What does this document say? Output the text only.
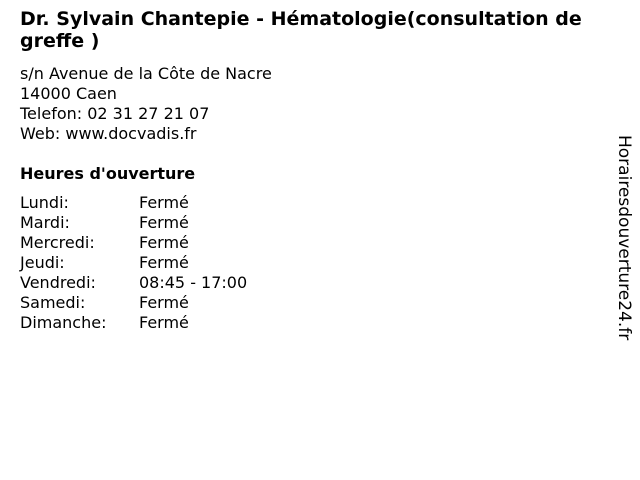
Dr. Sylvain Chantepie - Hématologie(consultation de greffe )
s/n Avenue de la Côte de Nacre
14000 Caen
Telefon: 02 31 27 21 07
Web: www.docvadis.fr
Heures d'ouverture
Lundi:	Fermé
Mardi:	Fermé
Mercredi:	Fermé
Jeudi:	Fermé
Vendredi:	08:45 - 17:00
Samedi:	Fermé
Dimanche:	Fermé	Horairesdouverture24.fr
